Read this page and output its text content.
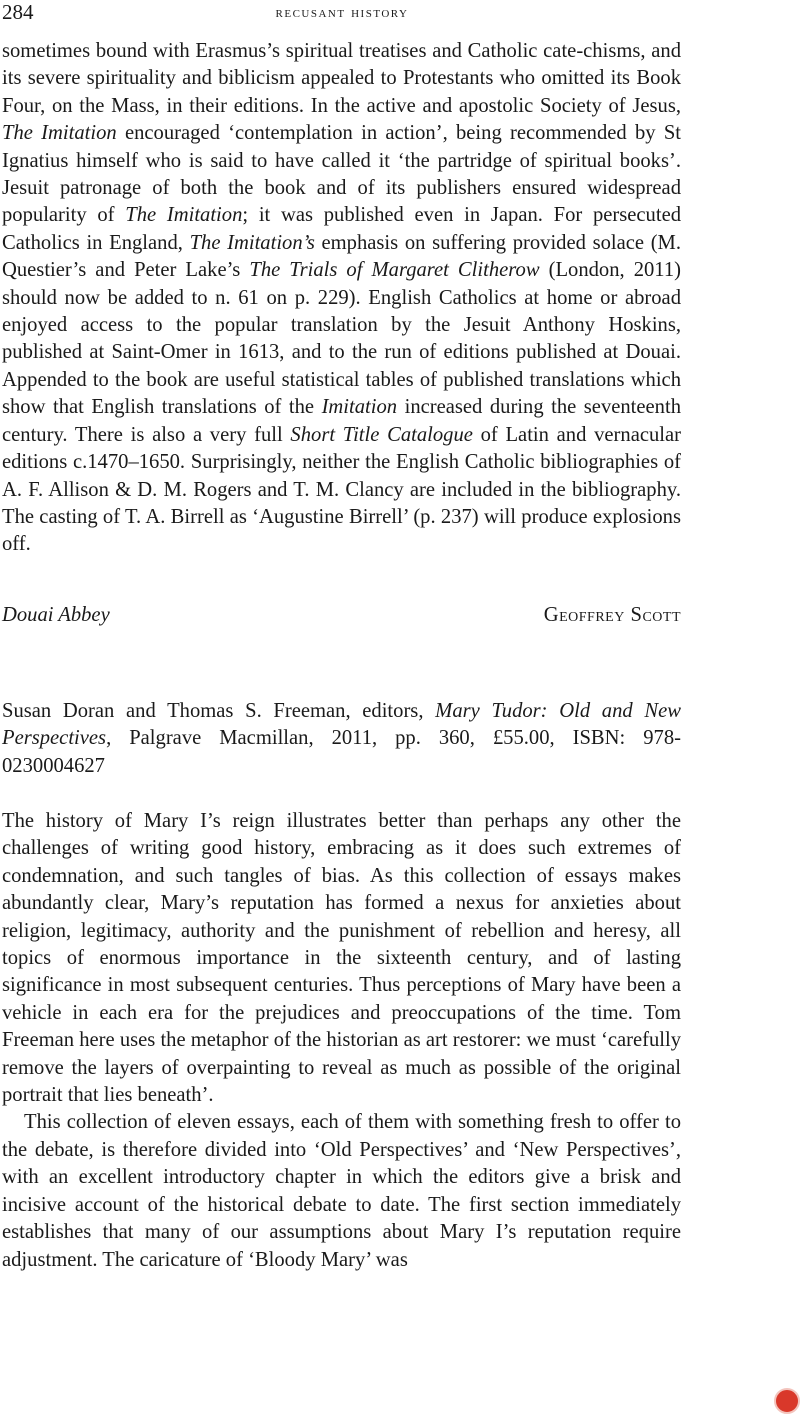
284	recusant history

sometimes bound with Erasmus’s spiritual treatises and Catholic cate-chisms, and its severe spirituality and biblicism appealed to Protestants who omitted its Book Four, on the Mass, in their editions. In the active and apostolic Society of Jesus, The Imitation encouraged ‘contemplation in action’, being recommended by St Ignatius himself who is said to have called it ‘the partridge of spiritual books’. Jesuit patronage of both the book and of its publishers ensured widespread popularity of The Imitation; it was published even in Japan. For persecuted Catholics in England, The Imitation’s emphasis on suffering provided solace (M. Questier’s and Peter Lake’s The Trials of Margaret Clitherow (London, 2011) should now be added to n. 61 on p. 229). English Catholics at home or abroad enjoyed access to the popular translation by the Jesuit Anthony Hoskins, published at Saint-Omer in 1613, and to the run of editions published at Douai. Appended to the book are useful statistical tables of published translations which show that English translations of the Imitation increased during the seventeenth century. There is also a very full Short Title Catalogue of Latin and vernacular editions c.1470–1650. Surprisingly, neither the English Catholic bibliographies of A. F. Allison & D. M. Rogers and T. M. Clancy are included in the bibliography. The casting of T. A. Birrell as ‘Augustine Birrell’ (p. 237) will produce explosions off.

Douai Abbey	Geoffrey Scott
Susan Doran and Thomas S. Freeman, editors, Mary Tudor: Old and New Perspectives, Palgrave Macmillan, 2011, pp. 360, £55.00, ISBN: 978-0230004627

The history of Mary I’s reign illustrates better than perhaps any other the challenges of writing good history, embracing as it does such extremes of condemnation, and such tangles of bias. As this collection of essays makes abundantly clear, Mary’s reputation has formed a nexus for anxieties about religion, legitimacy, authority and the punishment of rebellion and heresy, all topics of enormous importance in the sixteenth century, and of lasting significance in most subsequent centuries. Thus perceptions of Mary have been a vehicle in each era for the prejudices and preoccupations of the time. Tom Freeman here uses the metaphor of the historian as art restorer: we must ‘carefully remove the layers of overpainting to reveal as much as possible of the original portrait that lies beneath’.

This collection of eleven essays, each of them with something fresh to offer to the debate, is therefore divided into ‘Old Perspectives’ and ‘New Perspectives’, with an excellent introductory chapter in which the editors give a brisk and incisive account of the historical debate to date. The first section immediately establishes that many of our assumptions about Mary I’s reputation require adjustment. The caricature of ‘Bloody Mary’ was
